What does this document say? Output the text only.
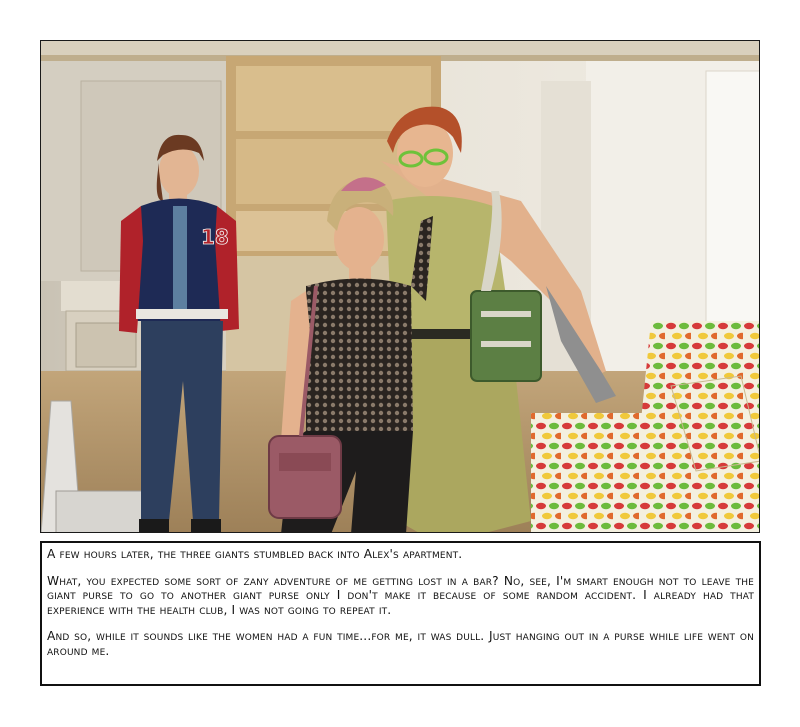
18

A few hours later, the three giants stumbled back into Alex's apartment.

What, you expected some sort of zany adventure of me getting lost in a bar? No, see, I'm smart enough not to leave the giant purse to go to another giant purse only I don't make it because of some random accident. I already had that experience with the health club, I was not going to repeat it.

And so, while it sounds like the women had a fun time...for me, it was dull. Just hanging out in a purse while life went on around me.
